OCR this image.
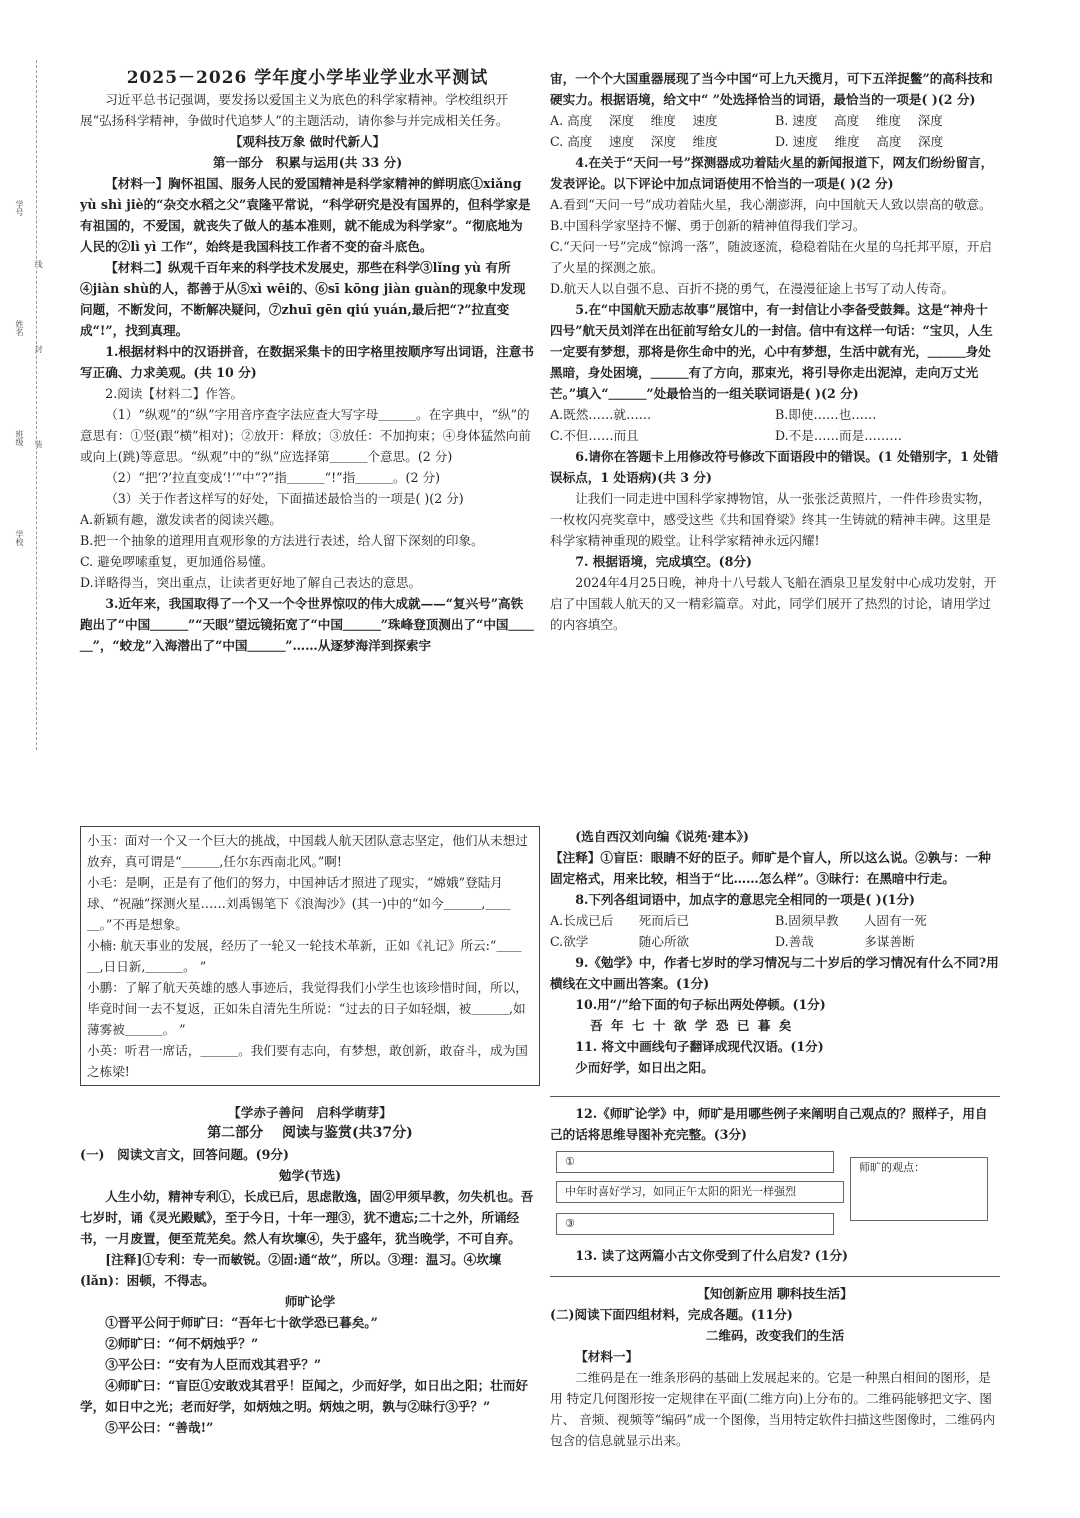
学号
姓名
班级
学校
线
封
装

2025－2026 学年度小学毕业学业水平测试

习近平总书记强调，要发扬以爱国主义为底色的科学家精神。学校组织开展“弘扬科学精神，争做时代追梦人”的主题活动，请你参与并完成相关任务。

【观科技万象 做时代新人】

第一部分　积累与运用(共 33 分)

【材料一】胸怀祖国、服务人民的爱国精神是科学家精神的鲜明底①xiǎng yù shì jiè的“杂交水稻之父”袁隆平常说，“科学研究是没有国界的，但科学家是有祖国的，不爱国，就丧失了做人的基本准则，就不能成为科学家”。“彻底地为人民的②lì yì 工作”，始终是我国科技工作者不变的奋斗底色。

【材料二】纵观千百年来的科学技术发展史，那些在科学③lǐng yù 有所④jiàn shù的人，都善于从⑤xì wēi的、⑥sī kōng jiàn guàn的现象中发现问题，不断发问，不断解决疑问，⑦zhuī gēn qiú yuán,最后把“?”拉直变成“!”，找到真理。

1.根据材料中的汉语拼音，在数据采集卡的田字格里按顺序写出词语，注意书写正确、力求美观。(共 10 分)

2.阅读【材料二】作答。

（1）“纵观”的“纵”字用音序查字法应查大写字母＿＿＿。在字典中，“纵”的意思有：①竖(跟“横”相对)；②放开：释放；③放任：不加拘束；④身体猛然向前或向上(跳)等意思。“纵观”中的“纵”应选择第＿＿＿个意思。(2 分)

（2）“把‘?’拉直变成‘!’”中“?”指＿＿＿“!”指＿＿＿。(2 分)

（3）关于作者这样写的好处，下面描述最恰当的一项是( )(2 分)

A.新颖有趣，激发读者的阅读兴趣。

B.把一个抽象的道理用直观形象的方法进行表述，给人留下深刻的印象。

C. 避免啰嗦重复，更加通俗易懂。

D.详略得当，突出重点，让读者更好地了解自己表达的意思。

3.近年来，我国取得了一个又一个令世界惊叹的伟大成就——“复兴号”高铁跑出了“中国＿＿＿”“天眼”望远镜拓宽了“中国＿＿＿”珠峰登顶测出了“中国＿＿＿”，“蛟龙”入海潜出了“中国＿＿＿”……从逐梦海洋到探索宇

宙，一个个大国重器展现了当今中国“可上九天揽月，可下五洋捉鳖”的高科技和硬实力。根据语境，给文中“ ”处选择恰当的词语，最恰当的一项是( )(2 分)

A. 高度　 深度　 维度　 速度	B. 速度　 高度　 维度　 深度

C. 高度　 速度　 深度　 维度	D. 速度　 维度　 高度　 深度

4.在关于“天问一号”探测器成功着陆火星的新闻报道下，网友们纷纷留言，发表评论。以下评论中加点词语使用不恰当的一项是( )(2 分)

A.看到“天问一号”成功着陆火星，我心潮澎湃，向中国航天人致以崇高的敬意。

B.中国科学家坚持不懈、勇于创新的精神值得我们学习。

C.“天问一号”完成“惊鸿一落”，随波逐流，稳稳着陆在火星的乌托邦平原，开启了火星的探测之旅。

D.航天人以自强不息、百折不挠的勇气，在漫漫征途上书写了动人传奇。

5.在“中国航天励志故事”展馆中，有一封信让小李备受鼓舞。这是“神舟十四号”航天员刘洋在出征前写给女儿的一封信。信中有这样一句话：“宝贝，人生一定要有梦想，那将是你生命中的光，心中有梦想，生活中就有光，＿＿＿身处黑暗，身处困境，＿＿＿有了方向，那束光，将引导你走出泥淖，走向万丈光芒。”填入“＿＿＿”处最恰当的一组关联词语是( )(2 分)

A.既然……就……	B.即使……也……

C.不但……而且	D.不是……而是………

6.请你在答题卡上用修改符号修改下面语段中的错误。(1 处错别字，1 处错误标点，1 处语病)(共 3 分)

让我们一同走进中国科学家搏物馆，从一张张泛黄照片，一件件珍贵实物，一枚枚闪亮奖章中，感受这些《共和国脊梁》终其一生铸就的精神丰碑。这里是科学家精神重现的殿堂。让科学家精神永远闪耀!

7. 根据语境，完成填空。(8分)

2024年4月25日晚，神舟十八号载人飞船在酒泉卫星发射中心成功发射，开启了中国载人航天的又一精彩篇章。对此，同学们展开了热烈的讨论，请用学过的内容填空。

小玉：面对一个又一个巨大的挑战，中国载人航天团队意志坚定，他们从未想过放弃，真可谓是“＿＿＿,任尔东西南北风。”啊!

小毛：是啊，正是有了他们的努力，中国神话才照进了现实，“嫦娥”登陆月球、“祝融”探测火星……刘禹锡笔下《浪淘沙》(其一)中的“如今＿＿＿,＿＿＿。”不再是想象。

小楠: 航天事业的发展，经历了一轮又一轮技术革新，正如《礼记》所云:“＿＿＿,日日新,＿＿＿。 ”

小鹏：了解了航天英雄的感人事迹后，我觉得我们小学生也该珍惜时间，所以，毕竟时间一去不复返，正如朱自清先生所说：“过去的日子如轻烟，被＿＿＿,如薄雾被＿＿＿。 ”

小英：听君一席话，＿＿＿。我们要有志向，有梦想，敢创新，敢奋斗，成为国之栋梁!

【学赤子善问　启科学萌芽】

第二部分　 阅读与鉴赏(共37分)

(一)　阅读文言文，回答问题。(9分)

勉学(节选)

人生小幼，精神专利①，长成已后，思虑散逸，固②甲须早教，勿失机也。吾七岁时，诵《灵光殿赋》，至于今日，十年一理③，犹不遗忘;二十之外，所诵经书，一月废置，便至荒芜矣。然人有坎壈④，失于盛年，犹当晚学，不可自弃。

[注释]①专利：专一而敏锐。②固:通“故”，所以。③理：温习。④坎壈(lǎn)：困顿，不得志。

师旷论学

①晋平公问于师旷曰：“吾年七十欲学恐已暮矣。”

②师旷曰：“何不炳烛乎？”

③平公曰：“安有为人臣而戏其君乎？”

④师旷曰：“盲臣①安敢戏其君乎！臣闻之，少而好学，如日出之阳；壮而好学，如日中之光；老而好学，如炳烛之明。炳烛之明，孰与②昧行③乎？”

⑤平公曰：“善哉!”

(选自西汉刘向编《说苑·建本》)

【注释】①盲臣：眼睛不好的臣子。师旷是个盲人，所以这么说。②孰与：一种固定格式，用来比较，相当于“比……怎么样”。③昧行：在黑暗中行走。

8.下列各组词语中，加点字的意思完全相同的一项是( )(1分)

A.长成已后　　死而后已	B.固须早教　　人固有一死

C.欲学　　　　随心所欲	D.善哉　　　　多谋善断

9.《勉学》中，作者七岁时的学习情况与二十岁后的学习情况有什么不同?用横线在文中画出答案。(1分)

10.用“/”给下面的句子标出两处停顿。(1分)

吾 年 七 十 欲 学 恐 已 暮 矣

11. 将文中画线句子翻译成现代汉语。(1分)

少而好学，如日出之阳。

12.《师旷论学》中，师旷是用哪些例子来阐明自己观点的？照样子，用自己的话将思维导图补充完整。(3分)

①
中年时喜好学习，如同正午太阳的阳光一样强烈
③
师旷的观点：

13. 读了这两篇小古文你受到了什么启发? (1分)

【知创新应用 聊科技生活】

(二)阅读下面四组材料，完成各题。(11分)

二维码，改变我们的生活

【材料一】

二维码是在一维条形码的基础上发展起来的。它是一种黑白相间的图形，是用 特定几何图形按一定规律在平面(二维方向)上分布的。二维码能够把文字、图片、 音频、视频等“编码”成一个图像，当用特定软件扫描这些图像时，二维码内包含的信息就显示出来。
